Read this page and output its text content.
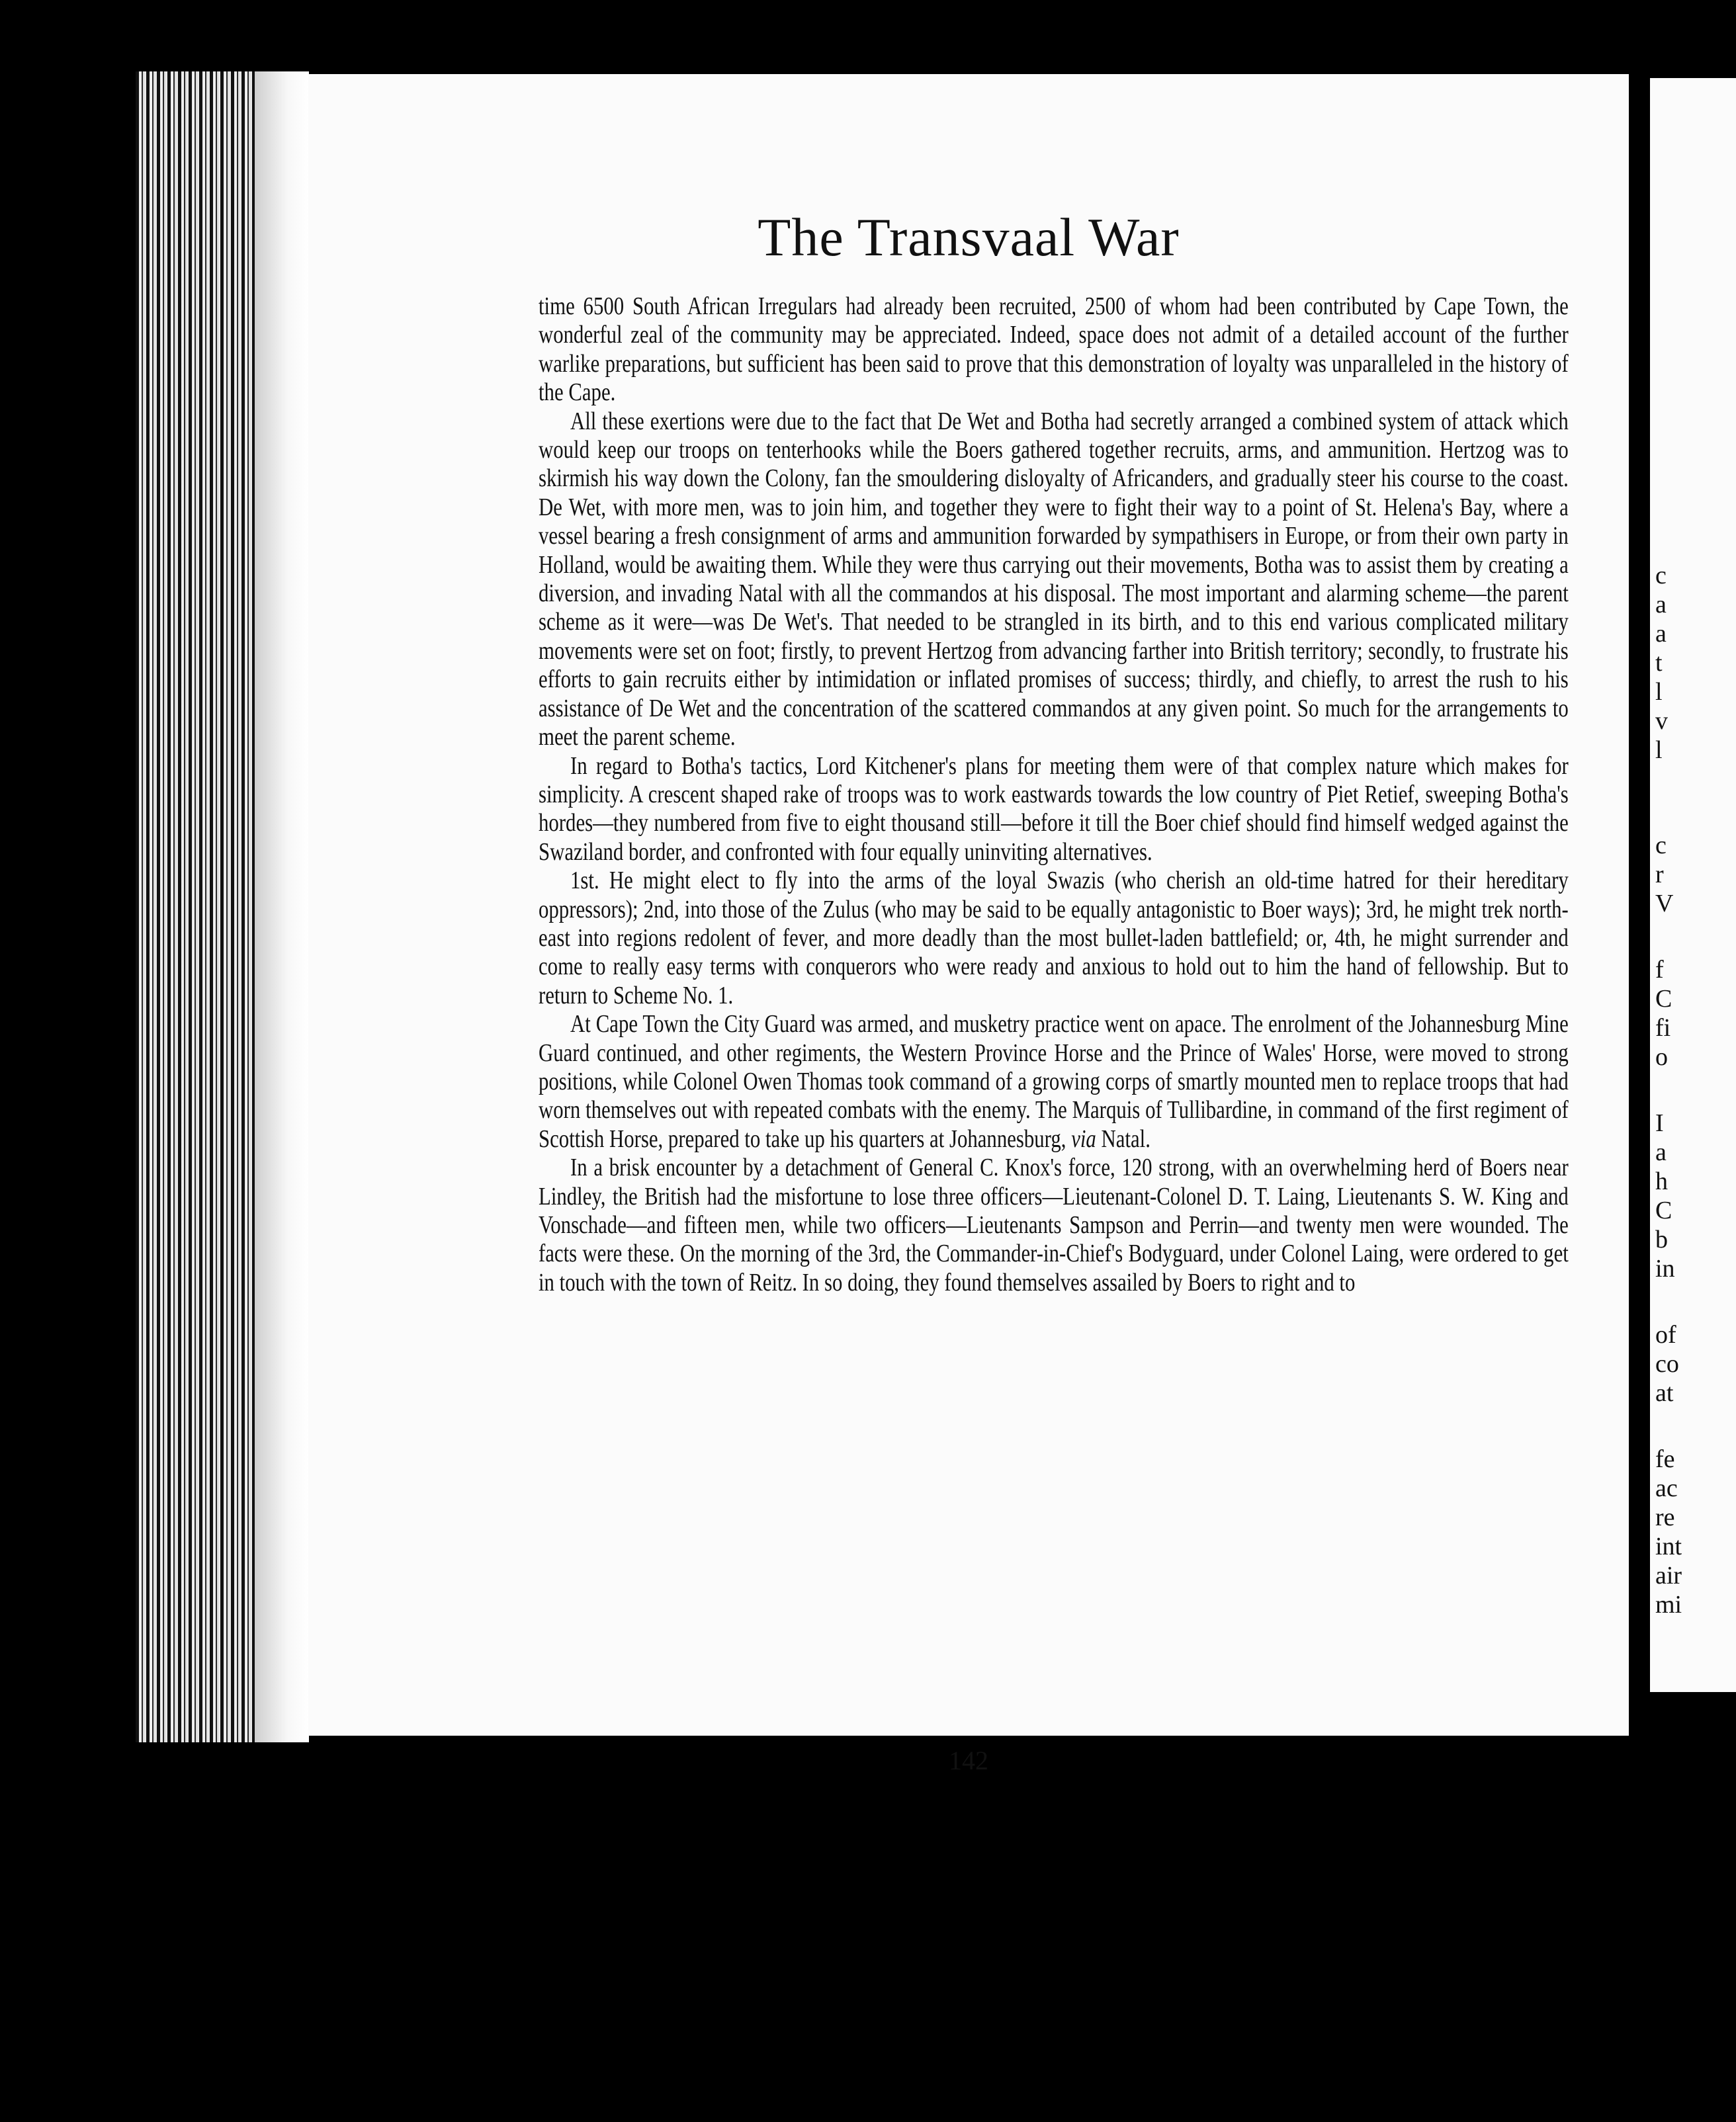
The Transvaal War

time 6500 South African Irregulars had already been recruited, 2500 of whom had been contributed by Cape Town, the wonderful zeal of the community may be appreciated. Indeed, space does not admit of a detailed account of the further warlike preparations, but sufficient has been said to prove that this demonstration of loyalty was unparalleled in the history of the Cape.

All these exertions were due to the fact that De Wet and Botha had secretly arranged a combined system of attack which would keep our troops on tenterhooks while the Boers gathered together recruits, arms, and ammunition. Hertzog was to skirmish his way down the Colony, fan the smouldering disloyalty of Africanders, and gradually steer his course to the coast. De Wet, with more men, was to join him, and together they were to fight their way to a point of St. Helena's Bay, where a vessel bearing a fresh consignment of arms and ammunition forwarded by sympathisers in Europe, or from their own party in Holland, would be awaiting them. While they were thus carrying out their movements, Botha was to assist them by creating a diversion, and invading Natal with all the commandos at his disposal. The most important and alarming scheme—the parent scheme as it were—was De Wet's. That needed to be strangled in its birth, and to this end various complicated military movements were set on foot; firstly, to prevent Hertzog from advancing farther into British territory; secondly, to frustrate his efforts to gain recruits either by intimidation or inflated promises of success; thirdly, and chiefly, to arrest the rush to his assistance of De Wet and the concentration of the scattered commandos at any given point. So much for the arrangements to meet the parent scheme.

In regard to Botha's tactics, Lord Kitchener's plans for meeting them were of that complex nature which makes for simplicity. A crescent shaped rake of troops was to work eastwards towards the low country of Piet Retief, sweeping Botha's hordes—they numbered from five to eight thousand still—before it till the Boer chief should find himself wedged against the Swaziland border, and confronted with four equally uninviting alternatives.

1st. He might elect to fly into the arms of the loyal Swazis (who cherish an old-time hatred for their hereditary oppressors); 2nd, into those of the Zulus (who may be said to be equally antagonistic to Boer ways); 3rd, he might trek north-east into regions redolent of fever, and more deadly than the most bullet-laden battlefield; or, 4th, he might surrender and come to really easy terms with conquerors who were ready and anxious to hold out to him the hand of fellowship. But to return to Scheme No. 1.

At Cape Town the City Guard was armed, and musketry practice went on apace. The enrolment of the Johannesburg Mine Guard continued, and other regiments, the Western Province Horse and the Prince of Wales' Horse, were moved to strong positions, while Colonel Owen Thomas took command of a growing corps of smartly mounted men to replace troops that had worn themselves out with repeated combats with the enemy. The Marquis of Tullibardine, in command of the first regiment of Scottish Horse, prepared to take up his quarters at Johannesburg, via Natal.

In a brisk encounter by a detachment of General C. Knox's force, 120 strong, with an overwhelming herd of Boers near Lindley, the British had the misfortune to lose three officers—Lieutenant-Colonel D. T. Laing, Lieutenants S. W. King and Vonschade—and fifteen men, while two officers—Lieutenants Sampson and Perrin—and twenty men were wounded. The facts were these. On the morning of the 3rd, the Commander-in-Chief's Bodyguard, under Colonel Laing, were ordered to get in touch with the town of Reitz. In so doing, they found themselves assailed by Boers to right and to

142
c
a
a
t
l
v
l
c
r
V
f
C
fi
o
I
a
h
C
b
in
of
co
at
fe
ac
re
int
air
mi
